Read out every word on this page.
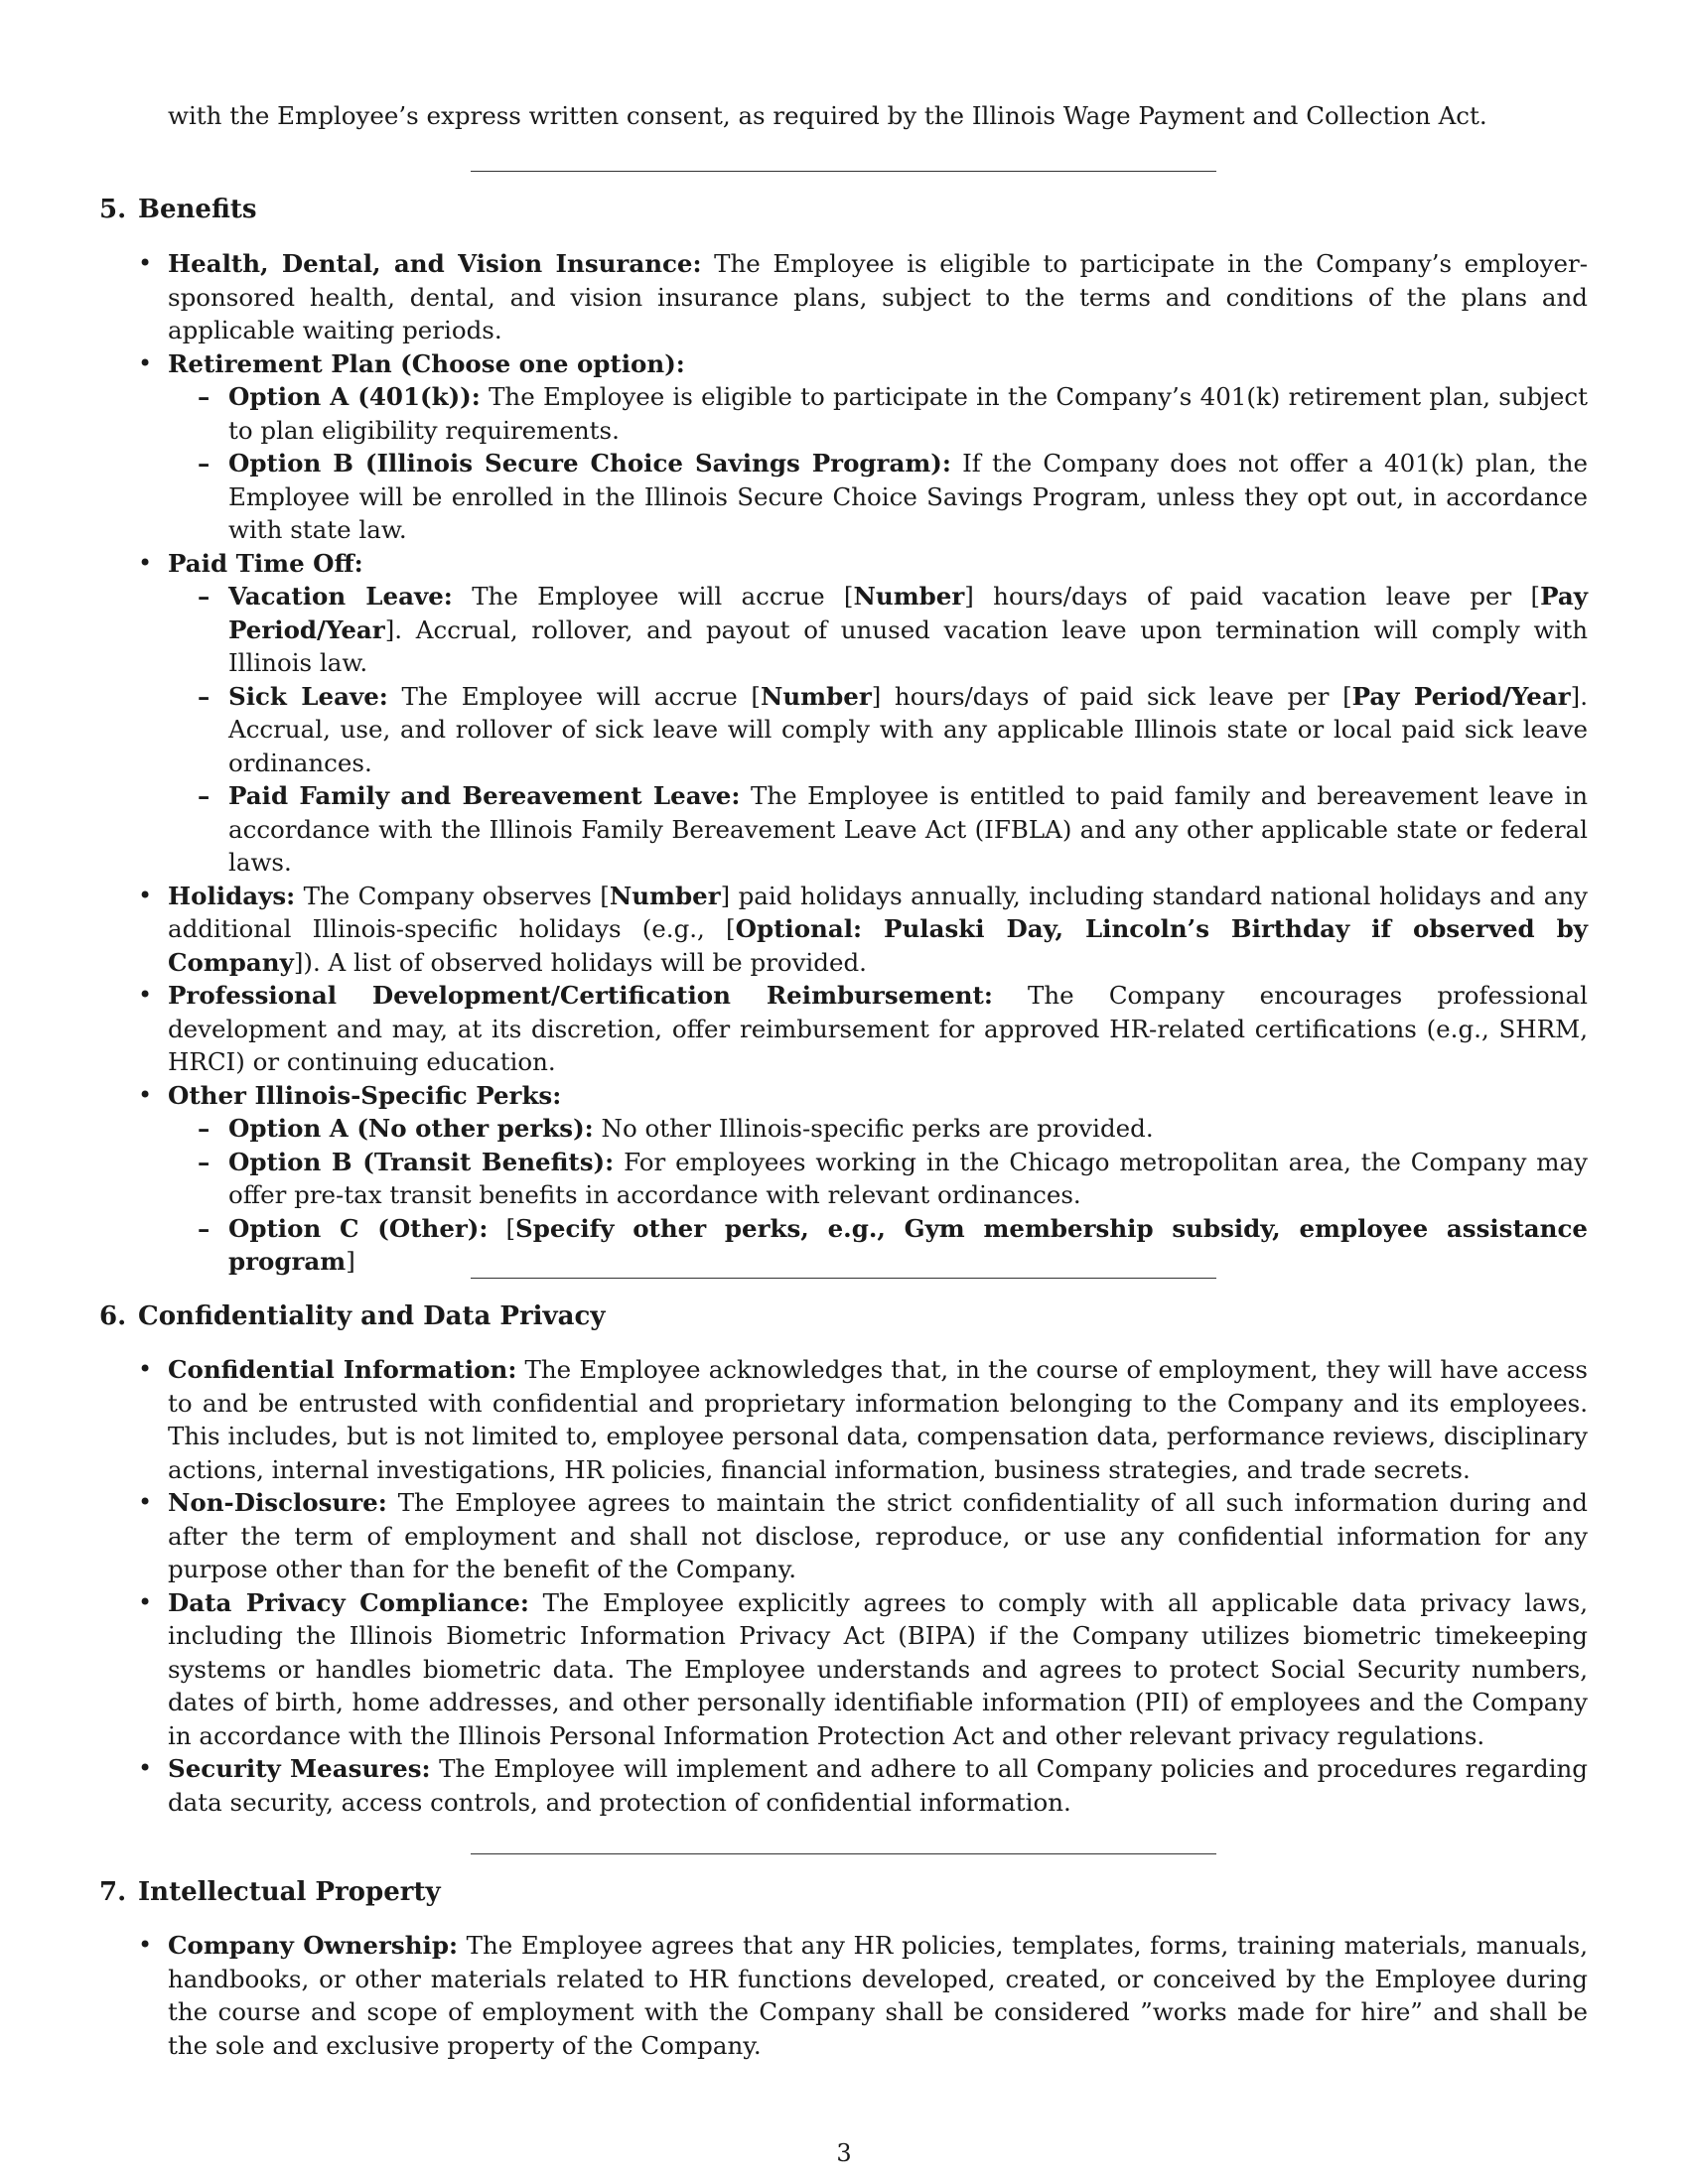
with the Employee’s express written consent, as required by the Illinois Wage Payment and Collection Act.

5. Benefits
• Health, Dental, and Vision Insurance: The Employee is eligible to participate in the Company’s employer-sponsored health, dental, and vision insurance plans, subject to the terms and conditions of the plans and applicable waiting periods.
• Retirement Plan (Choose one option):
– Option A (401(k)): The Employee is eligible to participate in the Company’s 401(k) retirement plan, subject to plan eligibility requirements.
– Option B (Illinois Secure Choice Savings Program): If the Company does not offer a 401(k) plan, the Employee will be enrolled in the Illinois Secure Choice Savings Program, unless they opt out, in accordance with state law.
• Paid Time Off:
– Vacation Leave: The Employee will accrue [Number] hours/days of paid vacation leave per [Pay Period/Year]. Accrual, rollover, and payout of unused vacation leave upon termination will comply with Illinois law.
– Sick Leave: The Employee will accrue [Number] hours/days of paid sick leave per [Pay Period/Year]. Accrual, use, and rollover of sick leave will comply with any applicable Illinois state or local paid sick leave ordinances.
– Paid Family and Bereavement Leave: The Employee is entitled to paid family and bereavement leave in accordance with the Illinois Family Bereavement Leave Act (IFBLA) and any other applicable state or federal laws.
• Holidays: The Company observes [Number] paid holidays annually, including standard national holidays and any additional Illinois-specific holidays (e.g., [Optional: Pulaski Day, Lincoln’s Birthday if observed by Company]). A list of observed holidays will be provided.
• Professional Development/Certification Reimbursement: The Company encourages professional development and may, at its discretion, offer reimbursement for approved HR-related certifications (e.g., SHRM, HRCI) or continuing education.
• Other Illinois-Specific Perks:
– Option A (No other perks): No other Illinois-specific perks are provided.
– Option B (Transit Benefits): For employees working in the Chicago metropolitan area, the Company may offer pre-tax transit benefits in accordance with relevant ordinances.
– Option C (Other): [Specify other perks, e.g., Gym membership subsidy, employee assistance program]
6. Confidentiality and Data Privacy
• Confidential Information: The Employee acknowledges that, in the course of employment, they will have access to and be entrusted with confidential and proprietary information belonging to the Company and its employees. This includes, but is not limited to, employee personal data, compensation data, performance reviews, disciplinary actions, internal investigations, HR policies, financial information, business strategies, and trade secrets.
• Non-Disclosure: The Employee agrees to maintain the strict confidentiality of all such information during and after the term of employment and shall not disclose, reproduce, or use any confidential information for any purpose other than for the benefit of the Company.
• Data Privacy Compliance: The Employee explicitly agrees to comply with all applicable data privacy laws, including the Illinois Biometric Information Privacy Act (BIPA) if the Company utilizes biometric timekeeping systems or handles biometric data. The Employee understands and agrees to protect Social Security numbers, dates of birth, home addresses, and other personally identifiable information (PII) of employees and the Company in accordance with the Illinois Personal Information Protection Act and other relevant privacy regulations.
• Security Measures: The Employee will implement and adhere to all Company policies and procedures regarding data security, access controls, and protection of confidential information.
7. Intellectual Property
• Company Ownership: The Employee agrees that any HR policies, templates, forms, training materials, manuals, handbooks, or other materials related to HR functions developed, created, or conceived by the Employee during the course and scope of employment with the Company shall be considered ”works made for hire” and shall be the sole and exclusive property of the Company.
3
